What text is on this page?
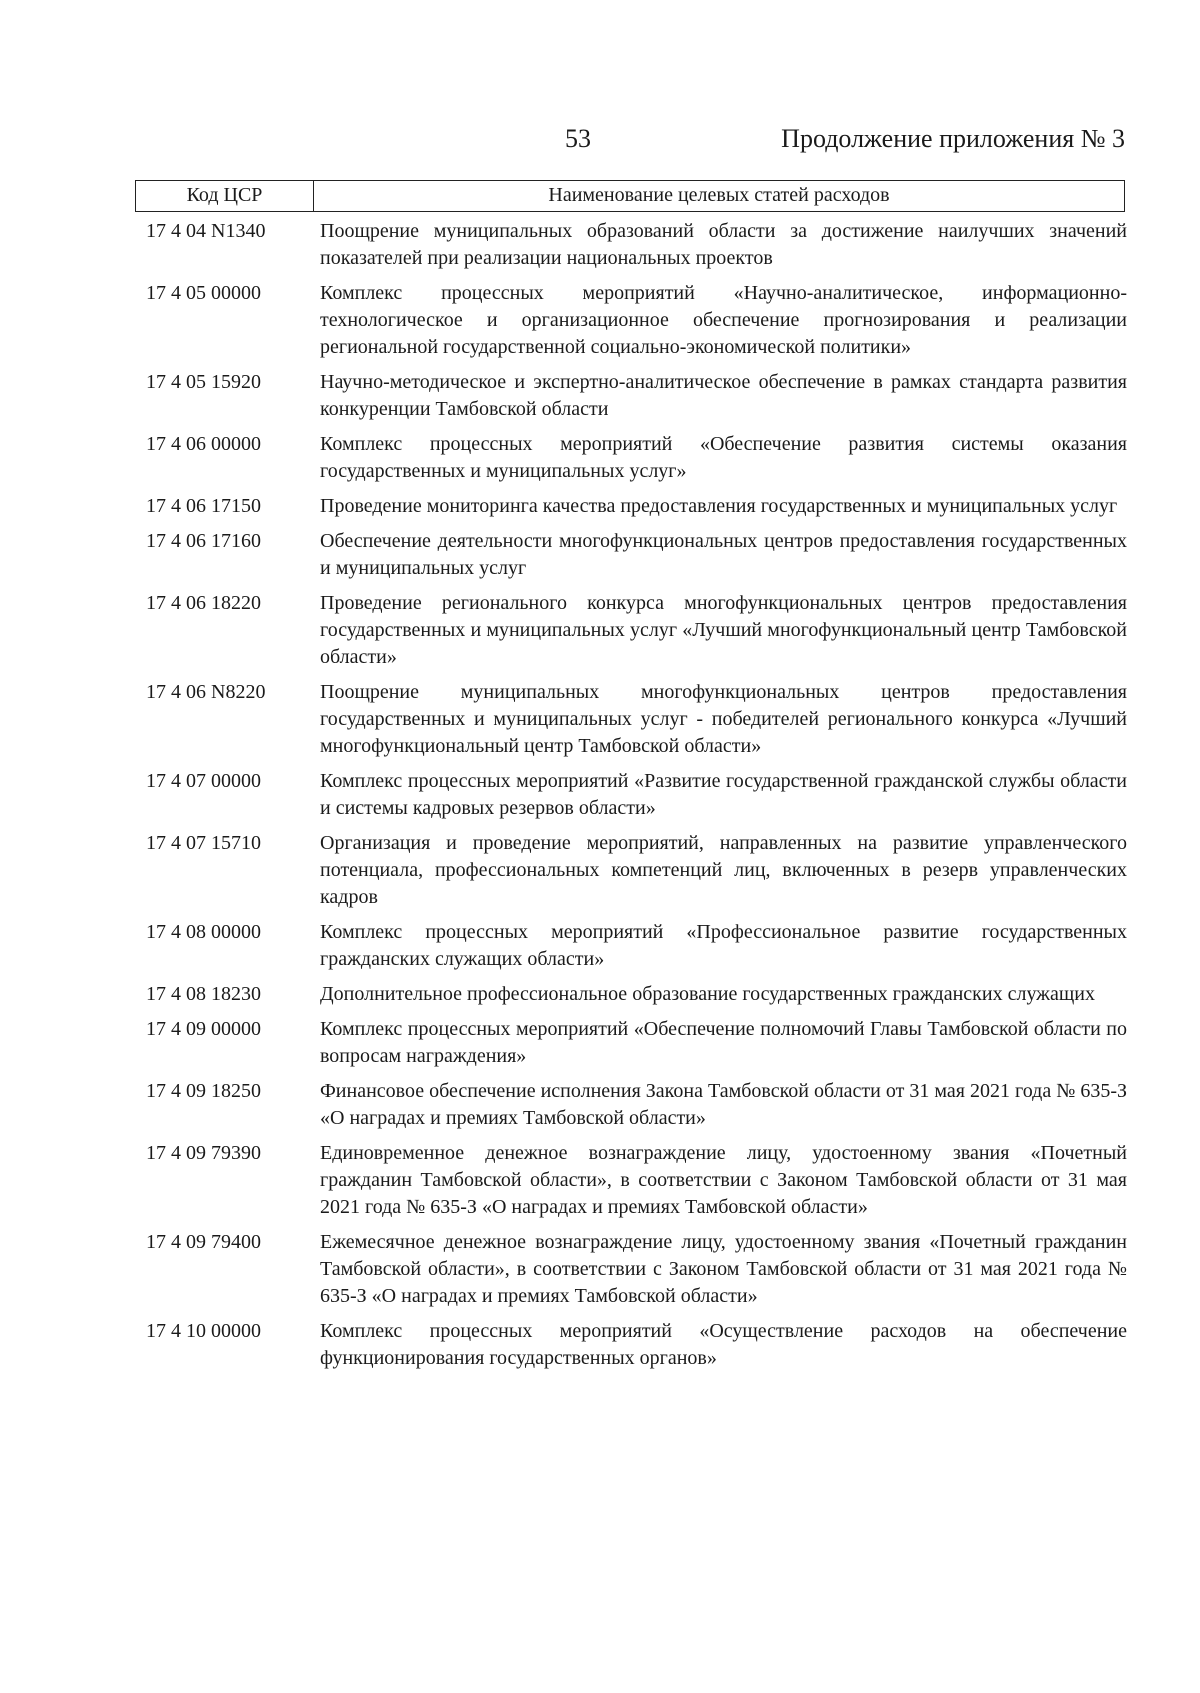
53	Продолжение приложения № 3
Код ЦСР	Наименование целевых статей расходов
17 4 04 N1340	Поощрение муниципальных образований области за достижение наилучших значений показателей при реализации национальных проектов
17 4 05 00000	Комплекс процессных мероприятий «Научно-аналитическое, информационно-технологическое и организационное обеспечение прогнозирования и реализации региональной государственной социально-экономической политики»
17 4 05 15920	Научно-методическое и экспертно-аналитическое обеспечение в рамках стандарта развития конкуренции Тамбовской области
17 4 06 00000	Комплекс процессных мероприятий «Обеспечение развития системы оказания государственных и муниципальных услуг»
17 4 06 17150	Проведение мониторинга качества предоставления государственных и муниципальных услуг
17 4 06 17160	Обеспечение деятельности многофункциональных центров предоставления государственных и муниципальных услуг
17 4 06 18220	Проведение регионального конкурса многофункциональных центров предоставления государственных и муниципальных услуг «Лучший многофункциональный центр Тамбовской области»
17 4 06 N8220	Поощрение муниципальных многофункциональных центров предоставления государственных и муниципальных услуг - победителей регионального конкурса «Лучший многофункциональный центр Тамбовской области»
17 4 07 00000	Комплекс процессных мероприятий «Развитие государственной гражданской службы области и системы кадровых резервов области»
17 4 07 15710	Организация и проведение мероприятий, направленных на развитие управленческого потенциала, профессиональных компетенций лиц, включенных в резерв управленческих кадров
17 4 08 00000	Комплекс процессных мероприятий «Профессиональное развитие государственных гражданских служащих области»
17 4 08 18230	Дополнительное профессиональное образование государственных гражданских служащих
17 4 09 00000	Комплекс процессных мероприятий «Обеспечение полномочий Главы Тамбовской области по вопросам награждения»
17 4 09 18250	Финансовое обеспечение исполнения Закона Тамбовской области от 31 мая 2021 года № 635-З «О наградах и премиях Тамбовской области»
17 4 09 79390	Единовременное денежное вознаграждение лицу, удостоенному звания «Почетный гражданин Тамбовской области», в соответствии с Законом Тамбовской области от 31 мая 2021 года № 635-З «О наградах и премиях Тамбовской области»
17 4 09 79400	Ежемесячное денежное вознаграждение лицу, удостоенному звания «Почетный гражданин Тамбовской области», в соответствии с Законом Тамбовской области от 31 мая 2021 года № 635-З «О наградах и премиях Тамбовской области»
17 4 10 00000	Комплекс процессных мероприятий «Осуществление расходов на обеспечение функционирования государственных органов»
